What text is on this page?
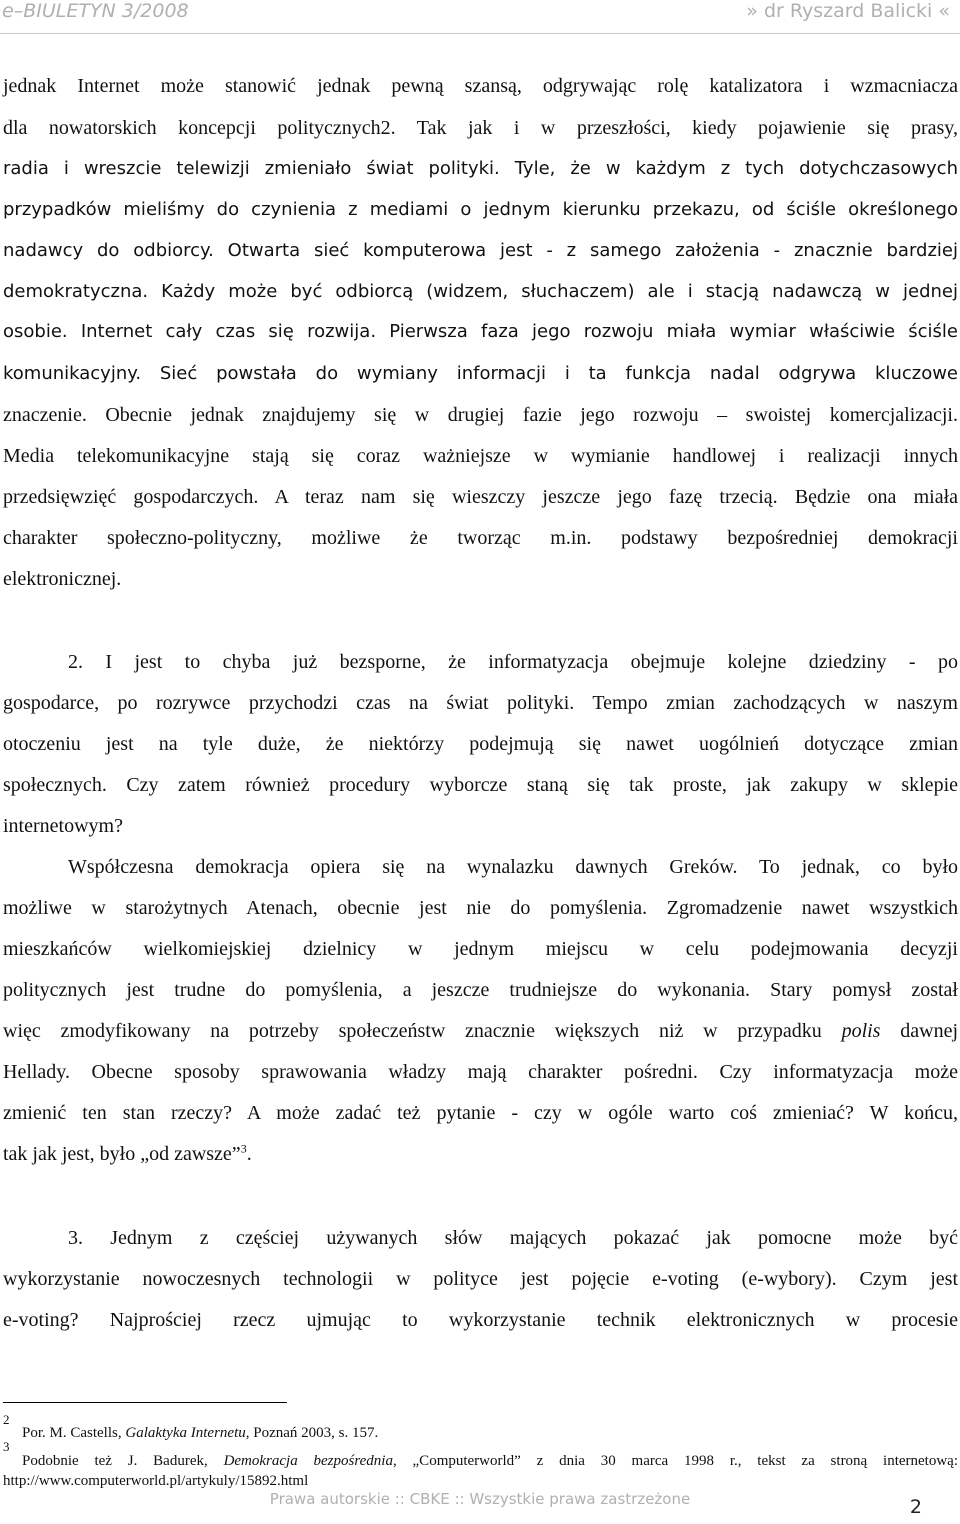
e–BIULETYN 3/2008	» dr Ryszard Balicki «
jednak Internet może stanowić jednak pewną szansą, odgrywając rolę katalizatora i wzmacniacza
dla nowatorskich koncepcji politycznych2. Tak jak i w przeszłości, kiedy pojawienie się prasy,
radia i wreszcie telewizji zmieniało świat polityki. Tyle, że w każdym z tych dotychczasowych
przypadków mieliśmy do czynienia z mediami o jednym kierunku przekazu, od ściśle określonego
nadawcy do odbiorcy. Otwarta sieć komputerowa jest - z samego założenia - znacznie bardziej
demokratyczna. Każdy może być odbiorcą (widzem, słuchaczem) ale i stacją nadawczą w jednej
osobie. Internet cały czas się rozwija. Pierwsza faza jego rozwoju miała wymiar właściwie ściśle
komunikacyjny. Sieć powstała do wymiany informacji i ta funkcja nadal odgrywa kluczowe
znaczenie. Obecnie jednak znajdujemy się w drugiej fazie jego rozwoju – swoistej komercjalizacji.
Media telekomunikacyjne stają się coraz ważniejsze w wymianie handlowej i realizacji innych
przedsięwzięć gospodarczych. A teraz nam się wieszczy jeszcze jego fazę trzecią. Będzie ona miała
charakter społeczno-polityczny, możliwe że tworząc m.in. podstawy bezpośredniej demokracji
elektronicznej.
2. I jest to chyba już bezsporne, że informatyzacja obejmuje kolejne dziedziny - po
gospodarce, po rozrywce przychodzi czas na świat polityki. Tempo zmian zachodzących w naszym
otoczeniu jest na tyle duże, że niektórzy podejmują się nawet uogólnień dotyczące zmian
społecznych. Czy zatem również procedury wyborcze staną się tak proste, jak zakupy w sklepie
internetowym?
Współczesna demokracja opiera się na wynalazku dawnych Greków. To jednak, co było
możliwe w starożytnych Atenach, obecnie jest nie do pomyślenia. Zgromadzenie nawet wszystkich
mieszkańców wielkomiejskiej dzielnicy w jednym miejscu w celu podejmowania decyzji
politycznych jest trudne do pomyślenia, a jeszcze trudniejsze do wykonania. Stary pomysł został
więc zmodyfikowany na potrzeby społeczeństw znacznie większych niż w przypadku polis dawnej
Hellady. Obecne sposoby sprawowania władzy mają charakter pośredni. Czy informatyzacja może
zmienić ten stan rzeczy? A może zadać też pytanie - czy w ogóle warto coś zmieniać? W końcu,
tak jak jest, było „od zawsze”$^3$.
3. Jednym z częściej używanych słów mających pokazać jak pomocne może być
wykorzystanie nowoczesnych technologii w polityce jest pojęcie e-voting (e-wybory). Czym jest
e-voting? Najprościej rzecz ujmując to wykorzystanie technik elektronicznych w procesie
2
Por. M. Castells, Galaktyka Internetu, Poznań 2003, s. 157.
3
Podobnie też J. Badurek, Demokracja bezpośrednia, „Computerworld” z dnia 30 marca 1998 r., tekst za stroną internetową:
http://www.computerworld.pl/artykuly/15892.html
Prawa autorskie :: CBKE :: Wszystkie prawa zastrzeżone	2
